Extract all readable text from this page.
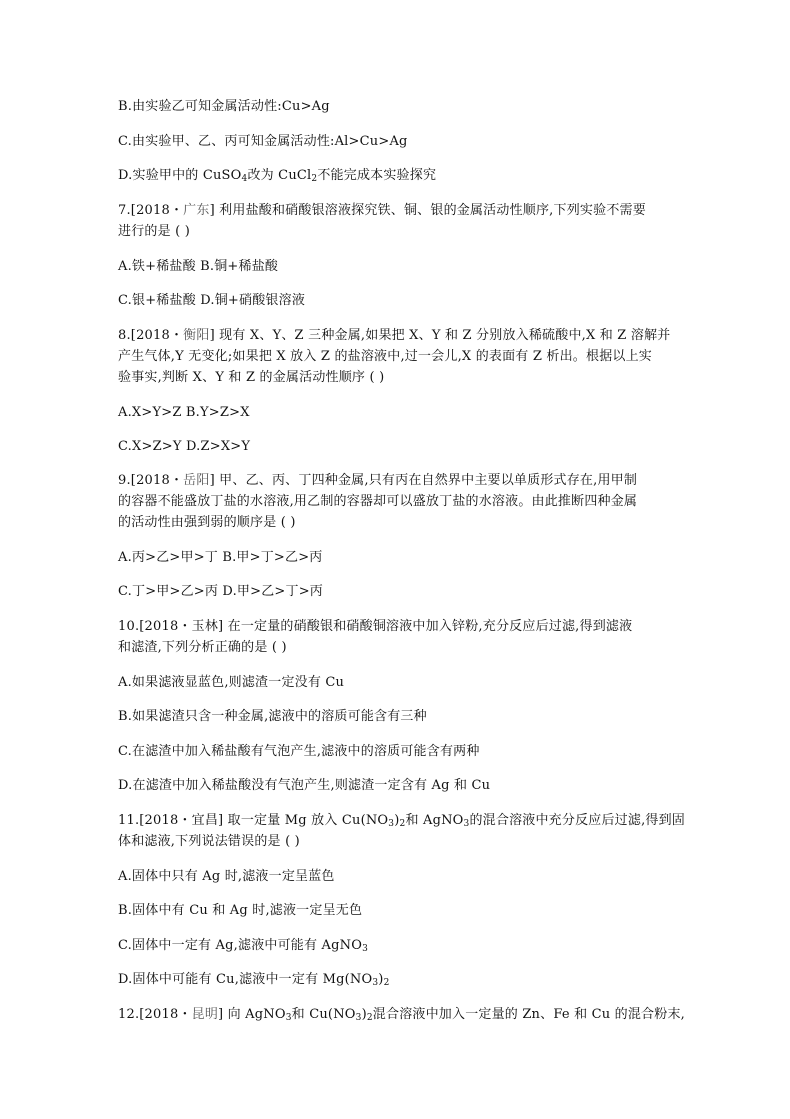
B.由实验乙可知金属活动性:Cu>Ag
C.由实验甲、乙、丙可知金属活动性:Al>Cu>Ag
D.实验甲中的 CuSO$_4$改为 CuCl$_2$不能完成本实验探究
7.[2018・广东] 利用盐酸和硝酸银溶液探究铁、铜、银的金属活动性顺序,下列实验不需要
进行的是 ( )
A.铁+稀盐酸 B.铜+稀盐酸
C.银+稀盐酸 D.铜+硝酸银溶液
8.[2018・衡阳] 现有 X、Y、Z 三种金属,如果把 X、Y 和 Z 分别放入稀硫酸中,X 和 Z 溶解并
产生气体,Y 无变化;如果把 X 放入 Z 的盐溶液中,过一会儿,X 的表面有 Z 析出。根据以上实
验事实,判断 X、Y 和 Z 的金属活动性顺序 ( )
A.X>Y>Z B.Y>Z>X
C.X>Z>Y D.Z>X>Y
9.[2018・岳阳] 甲、乙、丙、丁四种金属,只有丙在自然界中主要以单质形式存在,用甲制
的容器不能盛放丁盐的水溶液,用乙制的容器却可以盛放丁盐的水溶液。由此推断四种金属
的活动性由强到弱的顺序是 ( )
A.丙>乙>甲>丁 B.甲>丁>乙>丙
C.丁>甲>乙>丙 D.甲>乙>丁>丙
10.[2018・玉林] 在一定量的硝酸银和硝酸铜溶液中加入锌粉,充分反应后过滤,得到滤液
和滤渣,下列分析正确的是 ( )
A.如果滤液显蓝色,则滤渣一定没有 Cu
B.如果滤渣只含一种金属,滤液中的溶质可能含有三种
C.在滤渣中加入稀盐酸有气泡产生,滤液中的溶质可能含有两种
D.在滤渣中加入稀盐酸没有气泡产生,则滤渣一定含有 Ag 和 Cu
11.[2018・宜昌] 取一定量 Mg 放入 $Cu(NO_3)_2$和 AgNO$_3$的混合溶液中充分反应后过滤,得到固
体和滤液,下列说法错误的是 ( )
A.固体中只有 Ag 时,滤液一定呈蓝色
B.固体中有 Cu 和 Ag 时,滤液一定呈无色
C.固体中一定有 Ag,滤液中可能有 AgNO$_3$
D.固体中可能有 Cu,滤液中一定有 $Mg(NO_3)_2$
12.[2018・昆明] 向 AgNO$_3$和 $Cu(NO_3)_2$混合溶液中加入一定量的 Zn、Fe 和 Cu 的混合粉末,
